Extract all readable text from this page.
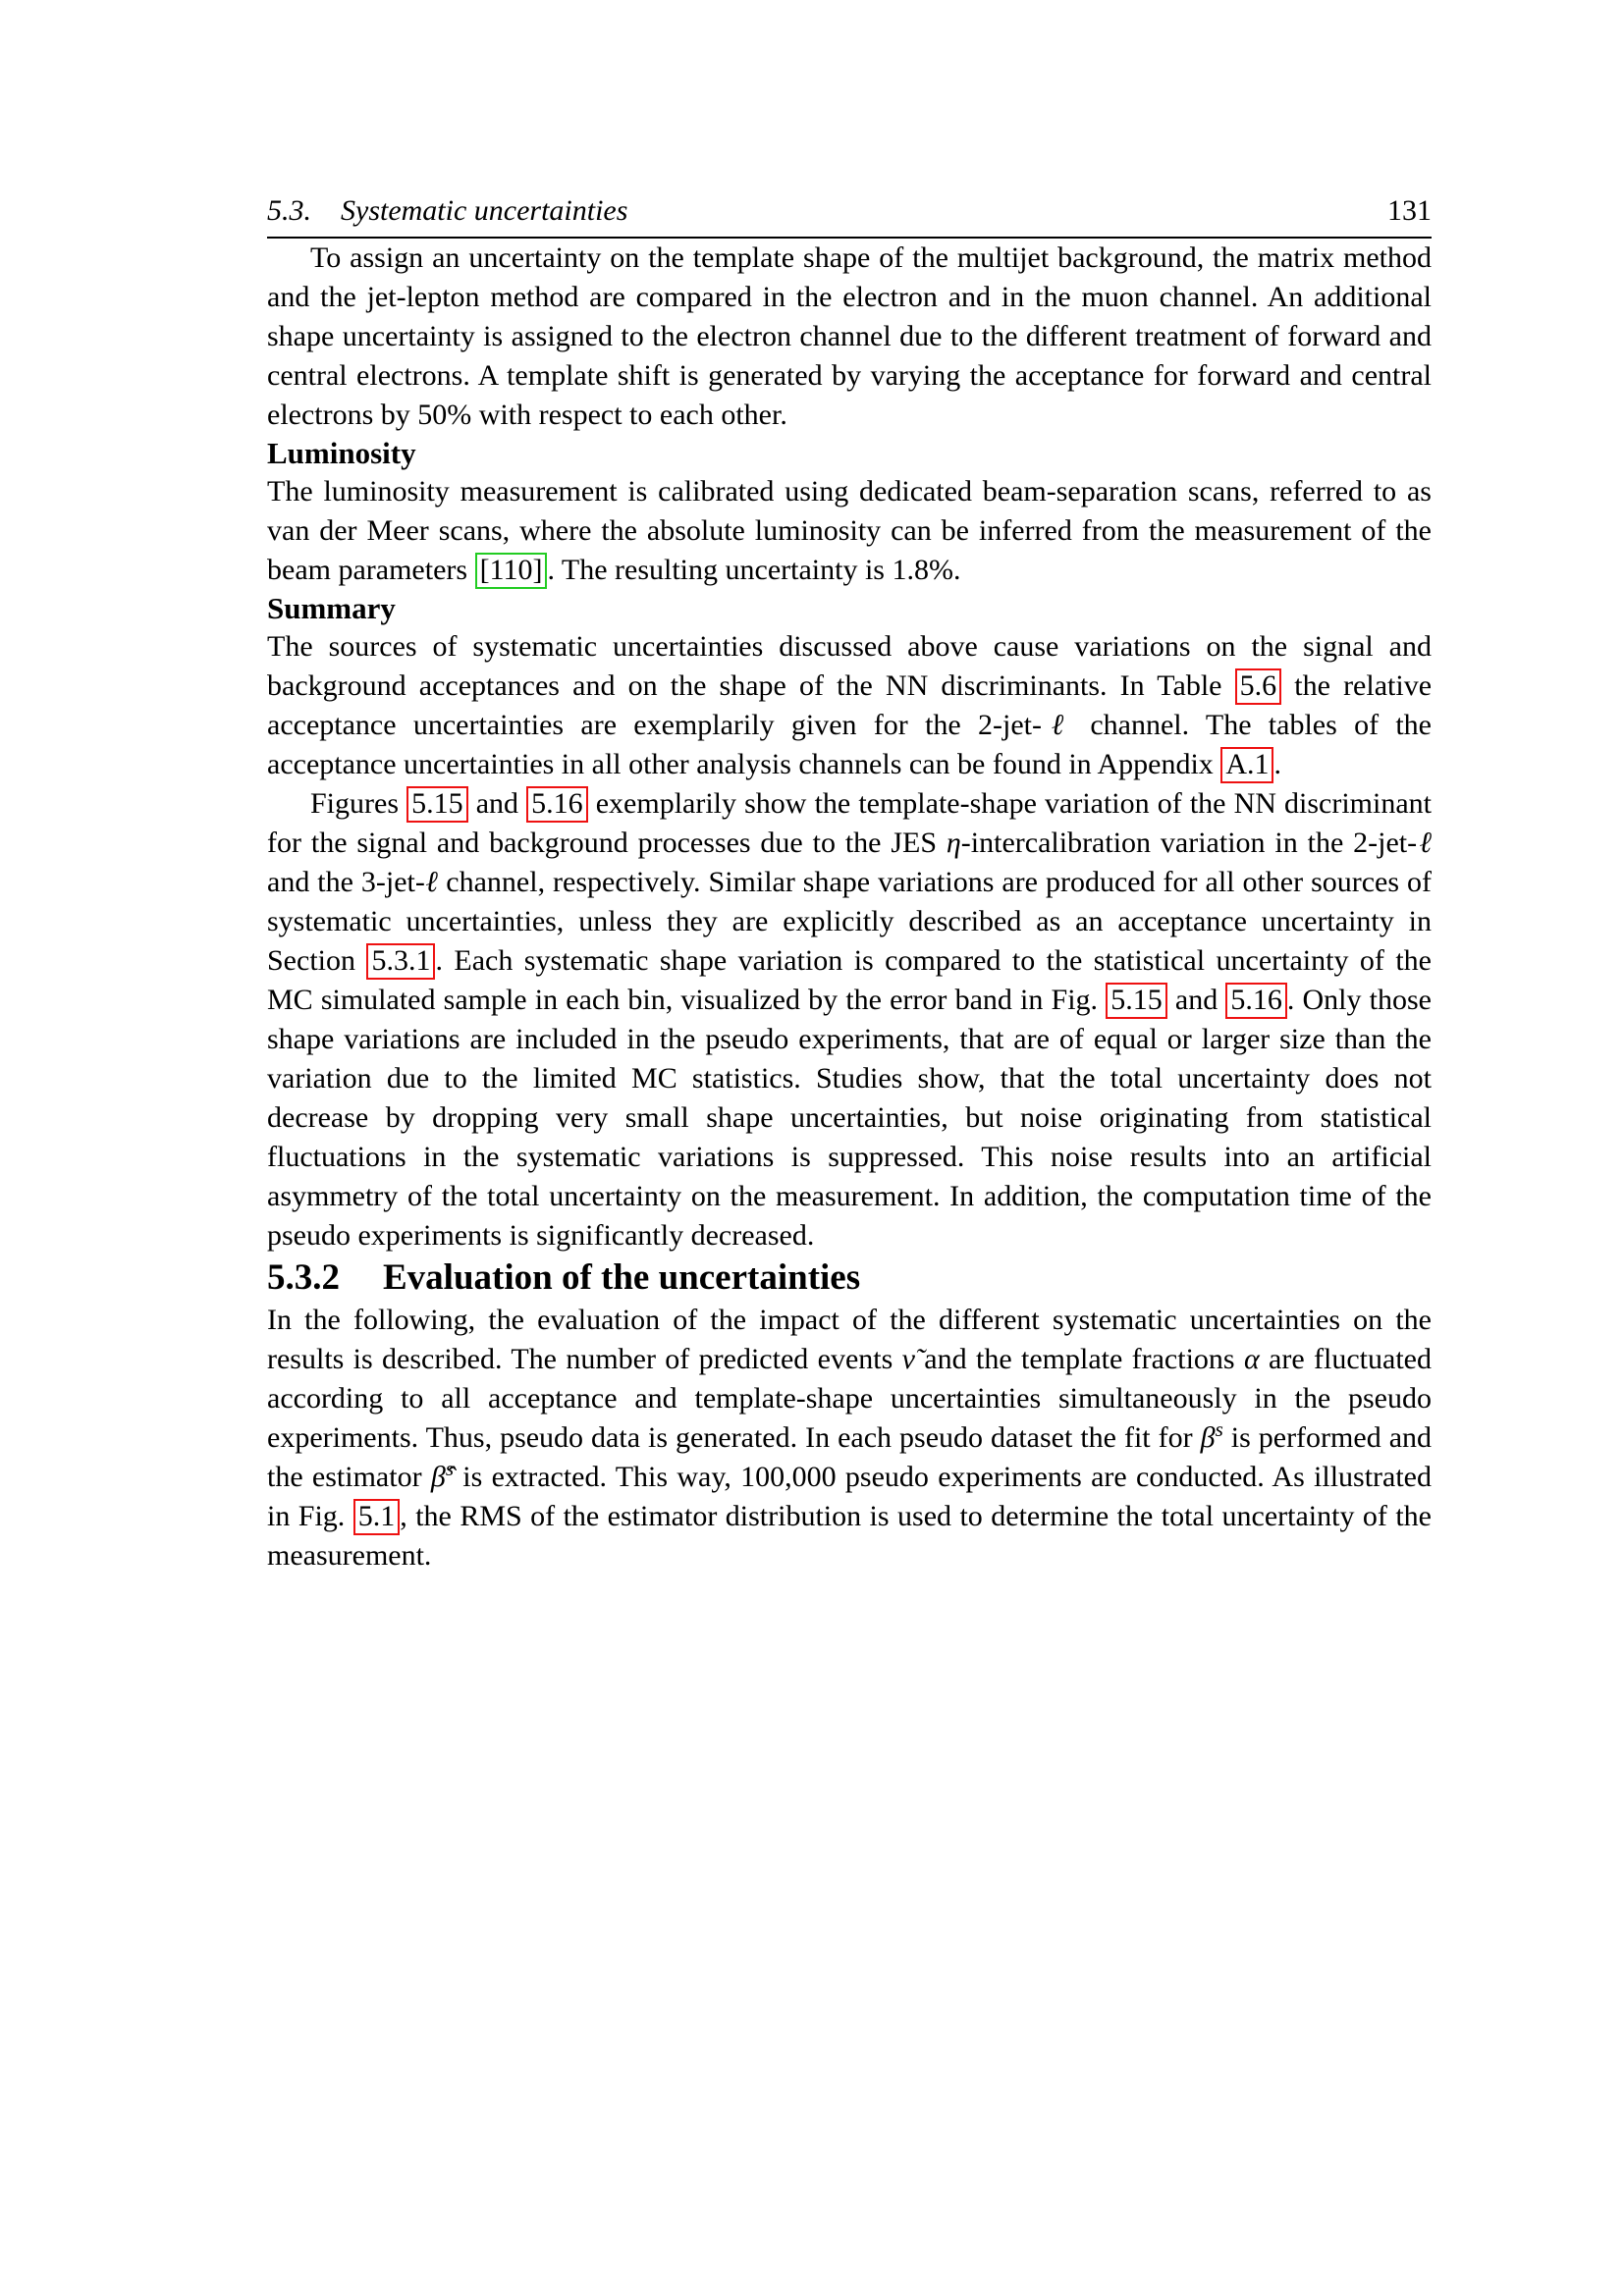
5.3. Systematic uncertainties	131

To assign an uncertainty on the template shape of the multijet background, the matrix method and the jet-lepton method are compared in the electron and in the muon channel. An additional shape uncertainty is assigned to the electron channel due to the different treatment of forward and central electrons. A template shift is generated by varying the acceptance for forward and central electrons by 50% with respect to each other.

Luminosity

The luminosity measurement is calibrated using dedicated beam-separation scans, referred to as van der Meer scans, where the absolute luminosity can be inferred from the measurement of the beam parameters [110] . The resulting uncertainty is 1.8%.

Summary

The sources of systematic uncertainties discussed above cause variations on the signal and background acceptances and on the shape of the NN discriminants. In Table 5.6 the relative acceptance uncertainties are exemplarily given for the 2-jet-ℓ channel. The tables of the acceptance uncertainties in all other analysis channels can be found in Appendix A.1 .

Figures 5.15 and 5.16 exemplarily show the template-shape variation of the NN discriminant for the signal and background processes due to the JES η-intercalibration variation in the 2-jet-ℓ and the 3-jet-ℓ channel, respectively. Similar shape variations are produced for all other sources of systematic uncertainties, unless they are explicitly described as an acceptance uncertainty in Section 5.3.1 . Each systematic shape variation is compared to the statistical uncertainty of the MC simulated sample in each bin, visualized by the error band in Fig. 5.15 and 5.16 . Only those shape variations are included in the pseudo experiments, that are of equal or larger size than the variation due to the limited MC statistics. Studies show, that the total uncertainty does not decrease by dropping very small shape uncertainties, but noise originating from statistical fluctuations in the systematic variations is suppressed. This noise results into an artificial asymmetry of the total uncertainty on the measurement. In addition, the computation time of the pseudo experiments is significantly decreased.

5.3.2 Evaluation of the uncertainties

In the following, the evaluation of the impact of the different systematic uncertainties on the results is described. The number of predicted events ν̃ and the template fractions α are fluctuated according to all acceptance and template-shape uncertainties simultaneously in the pseudo experiments. Thus, pseudo data is generated. In each pseudo dataset the fit for $\beta^s$ is performed and the estimator β̂$^s$ is extracted. This way, 100,000 pseudo experiments are conducted. As illustrated in Fig. 5.1 , the RMS of the estimator distribution is used to determine the total uncertainty of the measurement.
